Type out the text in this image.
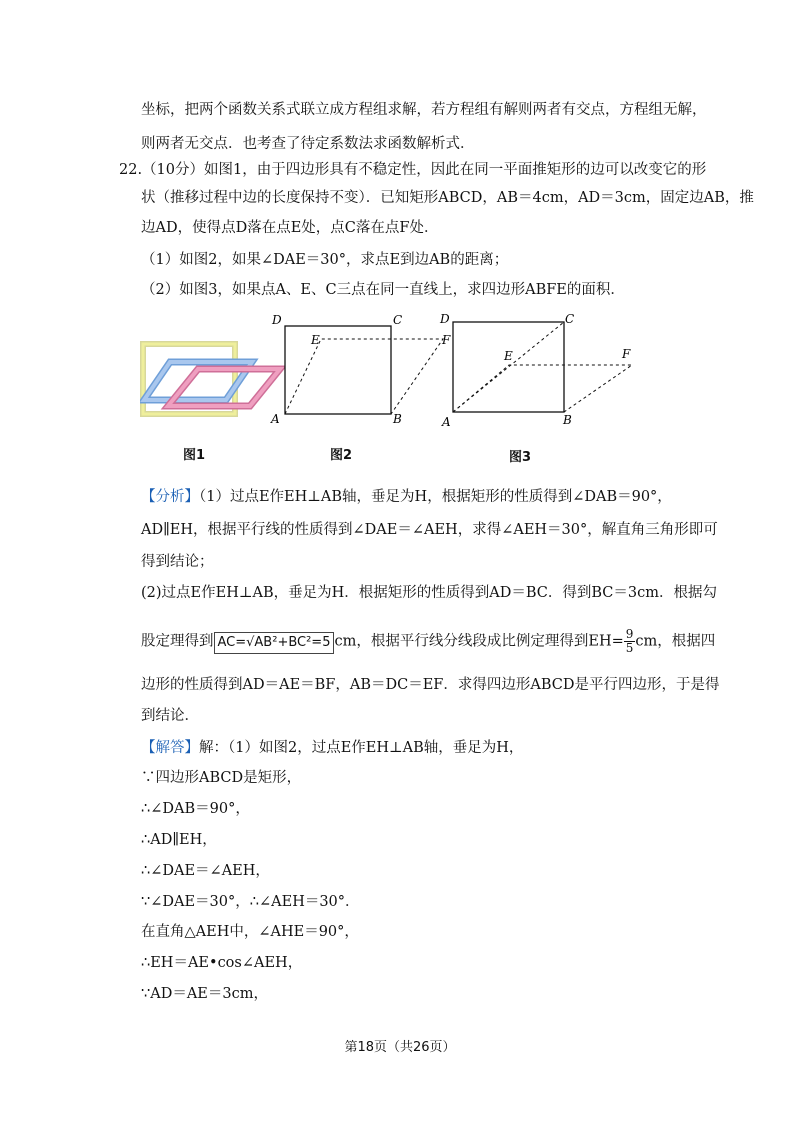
坐标，把两个函数关系式联立成方程组求解，若方程组有解则两者有交点，方程组无解，
则两者无交点．也考查了待定系数法求函数解析式．
22.（10分）如图1，由于四边形具有不稳定性，因此在同一平面推矩形的边可以改变它的形
状（推移过程中边的长度保持不变）．已知矩形ABCD，AB＝4cm，AD＝3cm，固定边AB，推
边AD，使得点D落在点E处，点C落在点F处．
（1）如图2，如果∠DAE＝30°，求点E到边AB的距离；
（2）如图3，如果点A、E、C三点在同一直线上，求四边形ABFE的面积．
图1
D	C
E	F
A	B
图2
D	C
E	F
A	B
图3
【分析】（1）过点E作EH⊥AB轴，垂足为H，根据矩形的性质得到∠DAB＝90°，
AD∥EH，根据平行线的性质得到∠DAE＝∠AEH，求得∠AEH＝30°，解直角三角形即可
得到结论；
(2)过点E作EH⊥AB，垂足为H．根据矩形的性质得到AD＝BC．得到BC＝3cm．根据勾
股定理得到 AC=√AB²+BC²=5 cm，根据平行线分线段成比例定理得到$EH= \frac{9}{5}$ cm，根据四
边形的性质得到AD＝AE＝BF，AB＝DC＝EF．求得四边形ABCD是平行四边形，于是得
到结论．
【解答】解：（1）如图2，过点E作EH⊥AB轴，垂足为H，
∵四边形ABCD是矩形，
∴∠DAB＝90°，
∴AD∥EH，
∴∠DAE＝∠AEH，
∵∠DAE＝30°，∴∠AEH＝30°．
在直角△AEH中，∠AHE＝90°，
∴EH＝AE•cos∠AEH，
∵AD＝AE＝3cm，
第18页（共26页）
